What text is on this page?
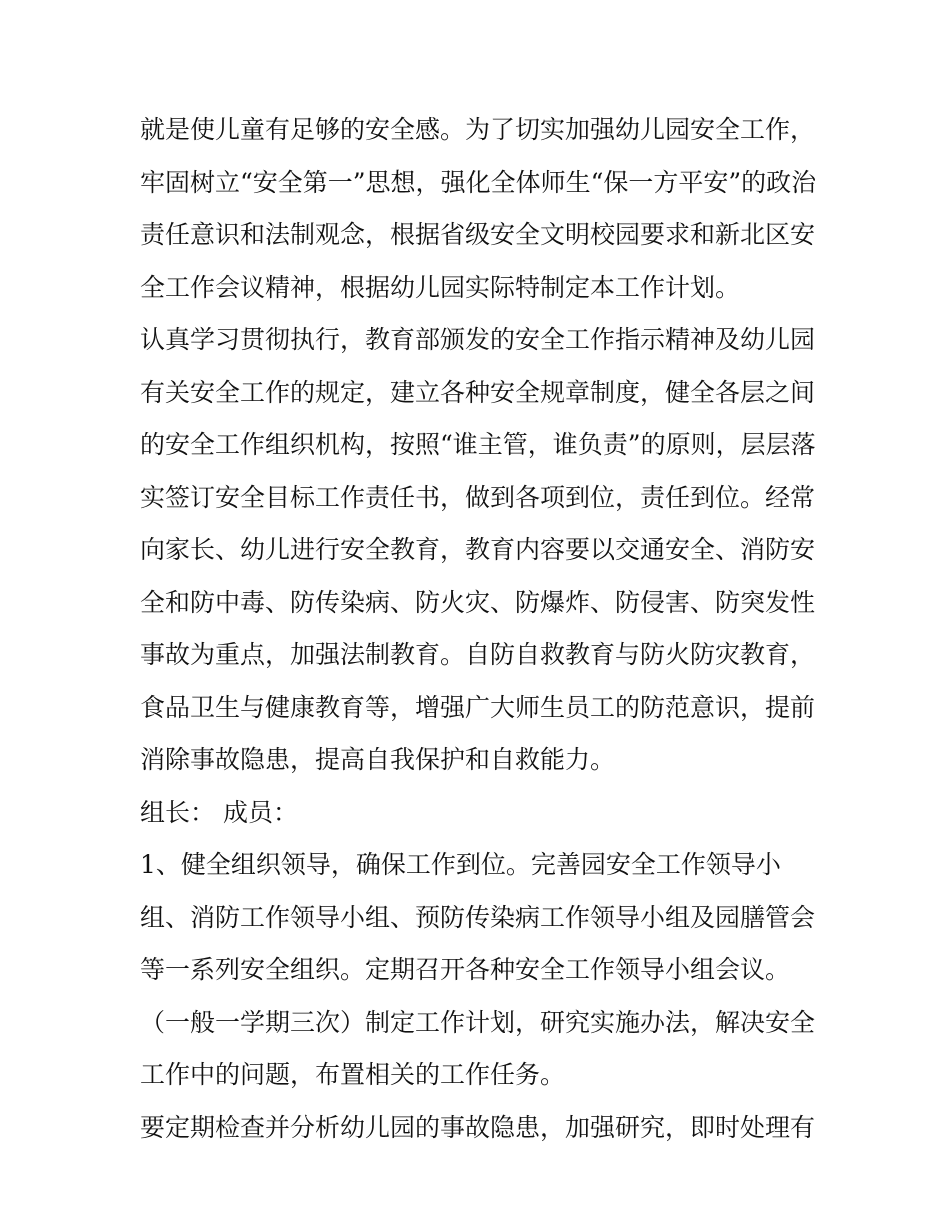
就是使儿童有足够的安全感。为了切实加强幼儿园安全工作，
牢固树立“安全第一”思想，强化全体师生“保一方平安”的政治
责任意识和法制观念，根据省级安全文明校园要求和新北区安
全工作会议精神，根据幼儿园实际特制定本工作计划。
认真学习贯彻执行，教育部颁发的安全工作指示精神及幼儿园
有关安全工作的规定，建立各种安全规章制度，健全各层之间
的安全工作组织机构，按照“谁主管，谁负责”的原则，层层落
实签订安全目标工作责任书，做到各项到位，责任到位。经常
向家长、幼儿进行安全教育，教育内容要以交通安全、消防安
全和防中毒、防传染病、防火灾、防爆炸、防侵害、防突发性
事故为重点，加强法制教育。自防自救教育与防火防灾教育，
食品卫生与健康教育等，增强广大师生员工的防范意识，提前
消除事故隐患，提高自我保护和自救能力。
组长： 成员：
1、健全组织领导，确保工作到位。完善园安全工作领导小
组、消防工作领导小组、预防传染病工作领导小组及园膳管会
等一系列安全组织。定期召开各种安全工作领导小组会议。
（一般一学期三次）制定工作计划，研究实施办法，解决安全
工作中的问题，布置相关的工作任务。
要定期检查并分析幼儿园的事故隐患，加强研究，即时处理有
